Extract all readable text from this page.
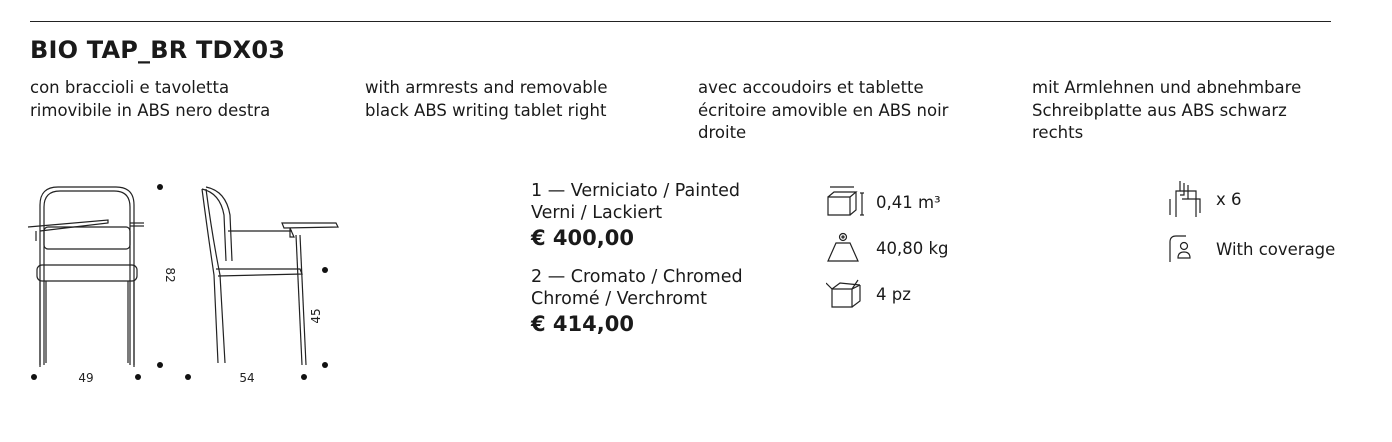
BIO TAP_BR TDX03
con braccioli e tavoletta
rimovibile in ABS nero destra
with armrests and removable
black ABS writing tablet right
avec accoudoirs et tablette
écritoire amovible en ABS noir
droite
mit Armlehnen und abnehmbare
Schreibplatte aus ABS schwarz
rechts
49	54
82
45
1 — Verniciato / Painted
Verni / Lackiert
€ 400,00
2 — Cromato / Chromed
Chromé / Verchromt
€ 414,00
0,41 m³
40,80 kg
4 pz
x 6
With coverage
